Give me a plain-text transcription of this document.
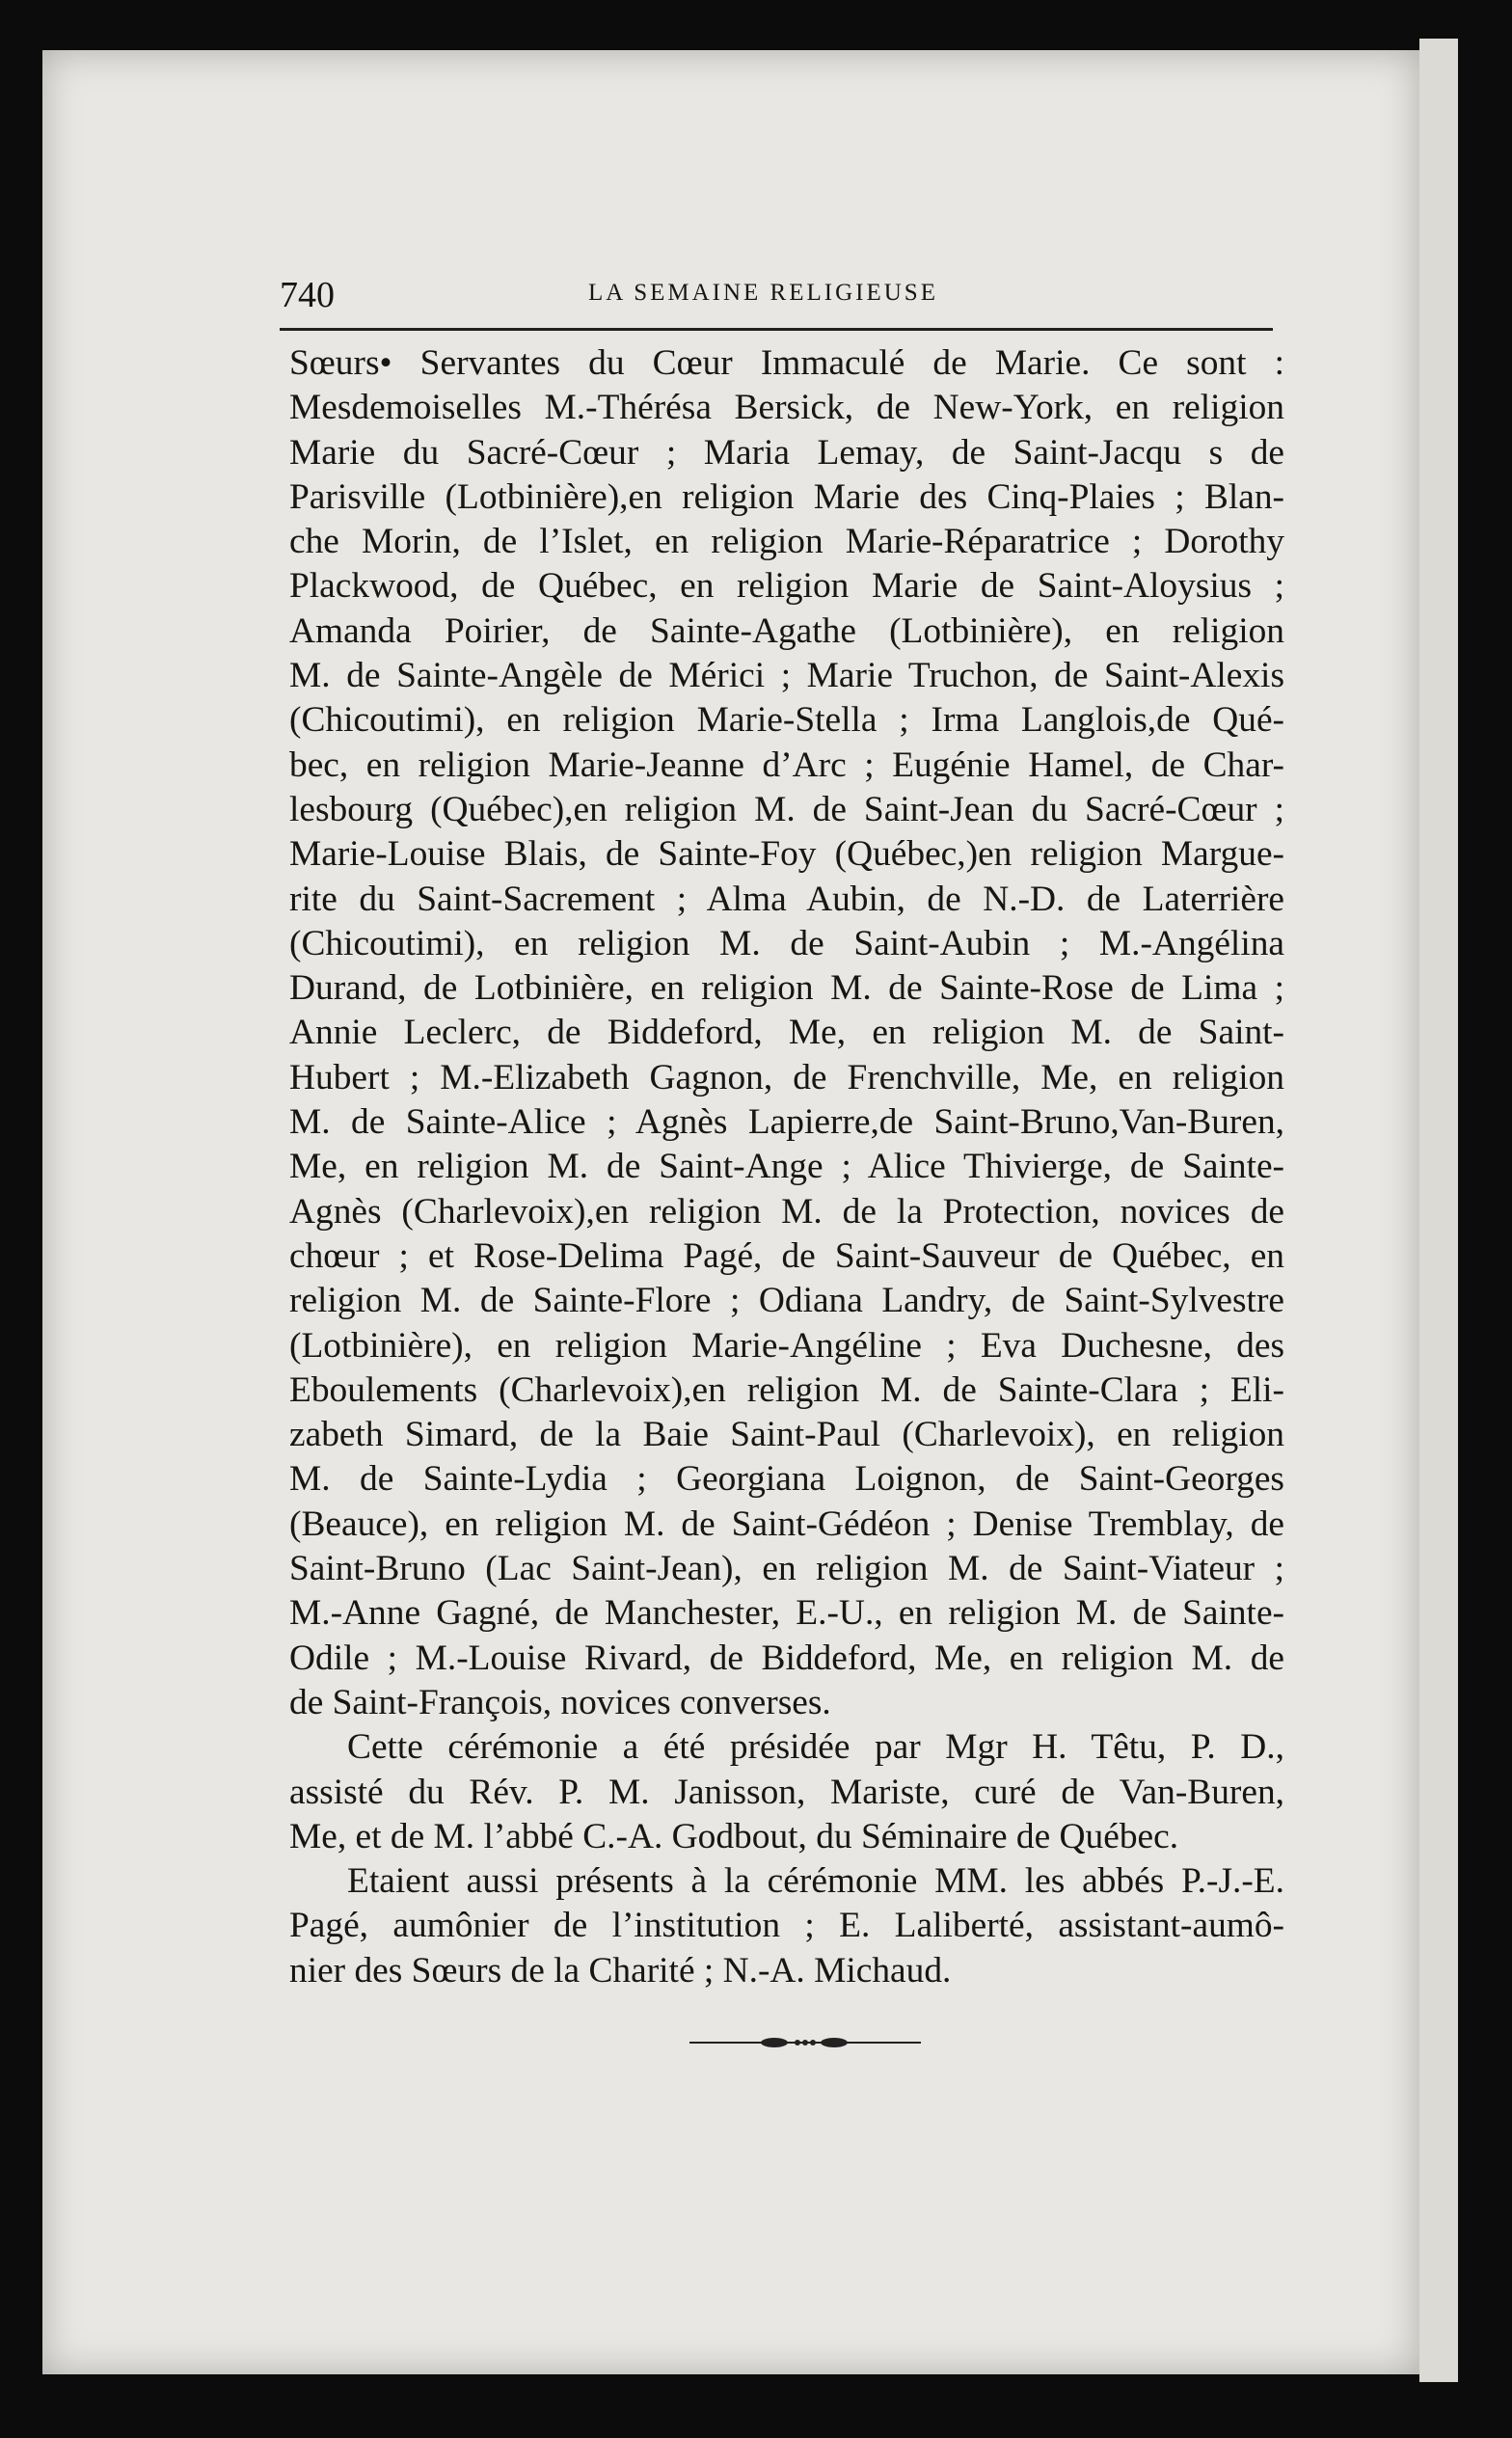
740	LA SEMAINE RELIGIEUSE
Sœurs• Servantes du Cœur Immaculé de Marie. Ce sont :
Mesdemoiselles M.-Thérésa Bersick, de New-York, en religion
Marie du Sacré-Cœur ; Maria Lemay, de Saint-Jacqu s de
Parisville (Lotbinière),en religion Marie des Cinq-Plaies ; Blan-
che Morin, de l’Islet, en religion Marie-Réparatrice ; Dorothy
Plackwood, de Québec, en religion Marie de Saint-Aloysius ;
Amanda Poirier, de Sainte-Agathe (Lotbinière), en religion
M. de Sainte-Angèle de Mérici ; Marie Truchon, de Saint-Alexis
(Chicoutimi), en religion Marie-Stella ; Irma Langlois,de Qué-
bec, en religion Marie-Jeanne d’Arc ; Eugénie Hamel, de Char-
lesbourg (Québec),en religion M. de Saint-Jean du Sacré-Cœur ;
Marie-Louise Blais, de Sainte-Foy (Québec,)en religion Margue-
rite du Saint-Sacrement ; Alma Aubin, de N.-D. de Laterrière
(Chicoutimi), en religion M. de Saint-Aubin ; M.-Angélina
Durand, de Lotbinière, en religion M. de Sainte-Rose de Lima ;
Annie Leclerc, de Biddeford, Me, en religion M. de Saint-
Hubert ; M.-Elizabeth Gagnon, de Frenchville, Me, en religion
M. de Sainte-Alice ; Agnès Lapierre,de Saint-Bruno,Van-Buren,
Me, en religion M. de Saint-Ange ; Alice Thivierge, de Sainte-
Agnès (Charlevoix),en religion M. de la Protection, novices de
chœur ; et Rose-Delima Pagé, de Saint-Sauveur de Québec, en
religion M. de Sainte-Flore ; Odiana Landry, de Saint-Sylvestre
(Lotbinière), en religion Marie-Angéline ; Eva Duchesne, des
Eboulements (Charlevoix),en religion M. de Sainte-Clara ; Eli-
zabeth Simard, de la Baie Saint-Paul (Charlevoix), en religion
M. de Sainte-Lydia ; Georgiana Loignon, de Saint-Georges
(Beauce), en religion M. de Saint-Gédéon ; Denise Tremblay, de
Saint-Bruno (Lac Saint-Jean), en religion M. de Saint-Viateur ;
M.-Anne Gagné, de Manchester, E.-U., en religion M. de Sainte-
Odile ; M.-Louise Rivard, de Biddeford, Me, en religion M. de
de Saint-François, novices converses.
Cette cérémonie a été présidée par Mgr H. Têtu, P. D.,
assisté du Rév. P. M. Janisson, Mariste, curé de Van-Buren,
Me, et de M. l’abbé C.-A. Godbout, du Séminaire de Québec.
Etaient aussi présents à la cérémonie MM. les abbés P.-J.-E.
Pagé, aumônier de l’institution ; E. Laliberté, assistant-aumô-
nier des Sœurs de la Charité ; N.-A. Michaud.
